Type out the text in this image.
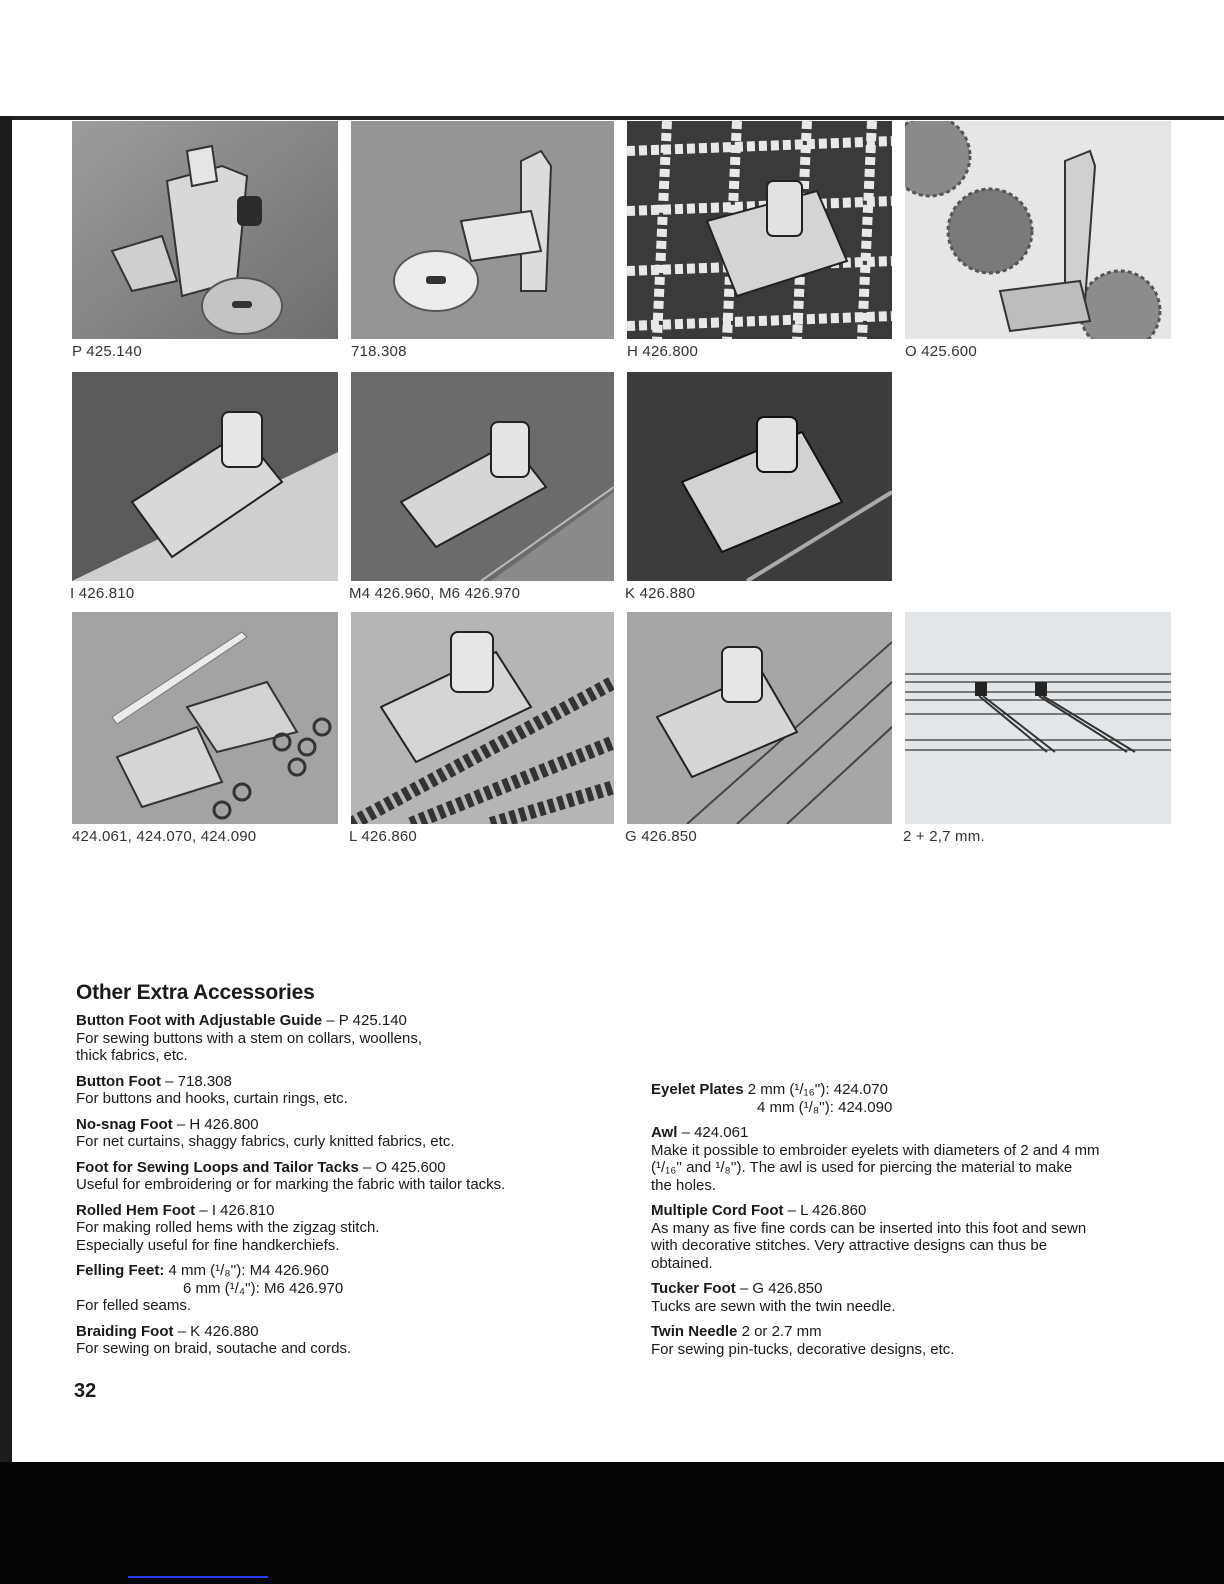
P 425.140	718.308	H 426.800	O 425.600
I 426.810	M4 426.960, M6 426.970	K 426.880
424.061, 424.070, 424.090	L 426.860	G 426.850	2 + 2,7 mm.
Other Extra Accessories

Button Foot with Adjustable Guide – P 425.140

For sewing buttons with a stem on collars, woollens,

thick fabrics, etc.

Button Foot – 718.308

For buttons and hooks, curtain rings, etc.

No-snag Foot – H 426.800

For net curtains, shaggy fabrics, curly knitted fabrics, etc.

Foot for Sewing Loops and Tailor Tacks – O 425.600

Useful for embroidering or for marking the fabric with tailor tacks.

Rolled Hem Foot – I 426.810

For making rolled hems with the zigzag stitch.

Especially useful for fine handkerchiefs.

Felling Feet: 4 mm (¹/₈''): M4 426.960

6 mm (¹/₄''): M6 426.970

For felled seams.

Braiding Foot – K 426.880

For sewing on braid, soutache and cords.

Eyelet Plates 2 mm (¹/₁₆''): 424.070

4 mm (¹/₈''): 424.090

Awl – 424.061

Make it possible to embroider eyelets with diameters of 2 and 4 mm

(¹/₁₆'' and ¹/₈''). The awl is used for piercing the material to make

the holes.

Multiple Cord Foot – L 426.860

As many as five fine cords can be inserted into this foot and sewn

with decorative stitches. Very attractive designs can thus be

obtained.

Tucker Foot – G 426.850

Tucks are sewn with the twin needle.

Twin Needle 2 or 2.7 mm

For sewing pin-tucks, decorative designs, etc.

32
